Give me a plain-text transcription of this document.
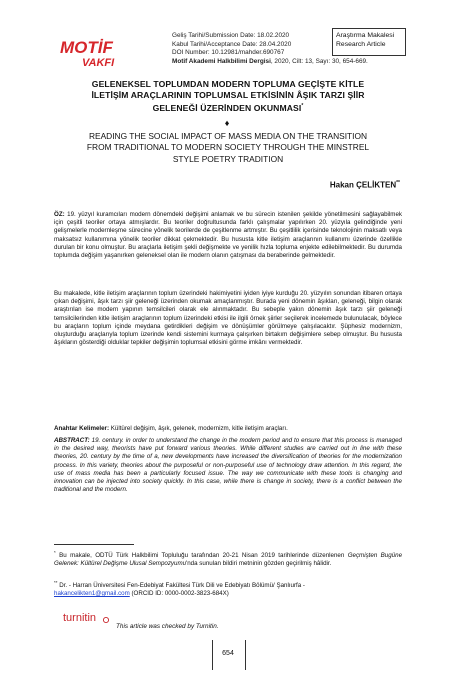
MOTİF
VAKFI
Geliş Tarihi/Submission Date: 18.02.2020
Kabul Tarihi/Acceptance Date: 28.04.2020
DOI Number: 10.12981/mahder.690767
Motif Akademi Halkbilimi Dergisi, 2020, Cilt: 13, Sayı: 30, 654-669.
Araştırma Makalesi
Research Article
GELENEKSEL TOPLUMDAN MODERN TOPLUMA GEÇİŞTE KİTLE
İLETİŞİM ARAÇLARININ TOPLUMSAL ETKİSİNİN ÂŞIK TARZI ŞİİR
GELENEĞİ ÜZERİNDEN OKUNMASI*
♦
READING THE SOCIAL IMPACT OF MASS MEDIA ON THE TRANSITION
FROM TRADITIONAL TO MODERN SOCIETY THROUGH THE MINSTREL
STYLE POETRY TRADITION
Hakan ÇELİKTEN**
ÖZ: 19. yüzyıl kuramcıları modern dönemdeki değişimi anlamak ve bu sürecin istenilen şekilde yönetilmesini sağlayabilmek için çeşitli teoriler ortaya atmışlardır. Bu teoriler doğrultusunda farklı çalışmalar yapılırken 20. yüzyıla gelindiğinde yeni gelişmelerle modernleşme sürecine yönelik teorilerde de çeşitlenme artmıştır. Bu çeşitlilik içerisinde teknolojinin maksatlı veya maksatsız kullanımına yönelik teoriler dikkat çekmektedir. Bu hususta kitle iletişim araçlarının kullanımı üzerinde özellikle durulan bir konu olmuştur. Bu araçlarla iletişim şekli değişmekte ve yenilik hızla topluma enjekte edilebilmektedir. Bu durumda toplumda değişim yaşanırken geleneksel olan ile modern olanın çatışması da beraberinde gelmektedir.
Bu makalede, kitle iletişim araçlarının toplum üzerindeki hakimiyetini iyiden iyiye kurduğu 20. yüzyılın sonundan itibaren ortaya çıkan değişimi, âşık tarzı şiir geleneği üzerinden okumak amaçlanmıştır. Burada yeni dönemin âşıkları, geleneği, bilgin olarak araştırılan ise modern yapının temsilcileri olarak ele alınmaktadır. Bu sebeple yakın dönemin âşık tarzı şiir geleneği temsilcilerinden kitle iletişim araçlarının toplum üzerindeki etkisi ile ilgili örnek şiirler seçilerek incelemede bulunulacak, böylece bu araçların toplum içinde meydana getirdikleri değişim ve dönüşümler görülmeye çalışılacaktır. Şüphesiz modernizm, oluşturduğu araçlarıyla toplum üzerinde kendi sistemini kurmaya çalışırken birtakım değişimlere sebep olmuştur. Bu hususta âşıkların gösterdiği olduklar tepkiler değişimin toplumsal etkisini görme imkânı vermektedir.
Anahtar Kelimeler: Kültürel değişim, âşık, gelenek, modernizm, kitle iletişim araçları.
ABSTRACT: 19. century. in order to understand the change in the modern period and to ensure that this process is managed in the desired way, theorists have put forward various theories. While different studies are carried out in line with these theories, 20. century by the time of a, new developments have increased the diversification of theories for the modernization process. In this variety, theories about the purposeful or non-purposeful use of technology draw attention. In this regard, the use of mass media has been a particularly focused issue. The way we communicate with these tools is changing and innovation can be injected into society quickly. In this case, while there is change in society, there is a conflict between the traditional and the modern.
* Bu makale, ODTÜ Türk Halkbilimi Topluluğu tarafından 20-21 Nisan 2019 tarihlerinde düzenlenen Geçmişten Bugüne Gelenek: Kültürel Değişme Ulusal Sempozyumu'nda sunulan bildiri metninin gözden geçirilmiş hâlidir.
** Dr. - Harran Üniversitesi Fen-Edebiyat Fakültesi Türk Dili ve Edebiyatı Bölümü/ Şanlıurfa -
hakancelikten1@gmail.com (ORCID ID: 0000-0002-3823-684X)
turnitin
This article was checked by Turnitin.
654
